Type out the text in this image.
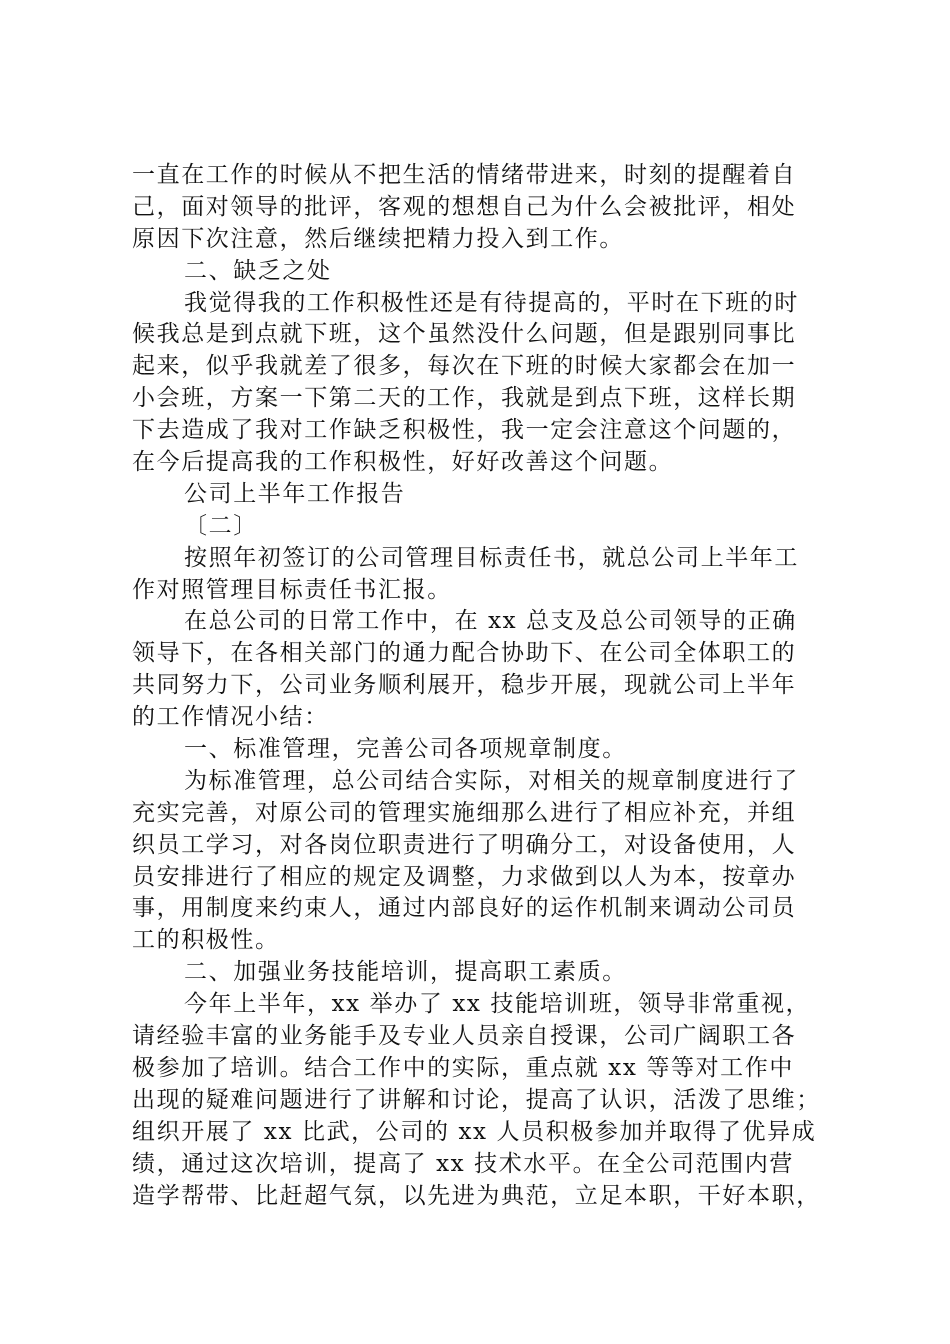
一直在工作的时候从不把生活的情绪带进来，时刻的提醒着自
己，面对领导的批评，客观的想想自己为什么会被批评，相处
原因下次注意，然后继续把精力投入到工作。
二、缺乏之处
我觉得我的工作积极性还是有待提高的，平时在下班的时
候我总是到点就下班，这个虽然没什么问题，但是跟别同事比
起来，似乎我就差了很多，每次在下班的时候大家都会在加一
小会班，方案一下第二天的工作，我就是到点下班，这样长期
下去造成了我对工作缺乏积极性，我一定会注意这个问题的，
在今后提高我的工作积极性，好好改善这个问题。
公司上半年工作报告
〔二〕
按照年初签订的公司管理目标责任书，就总公司上半年工
作对照管理目标责任书汇报。
在总公司的日常工作中，在 xx 总支及总公司领导的正确
领导下，在各相关部门的通力配合协助下、在公司全体职工的
共同努力下，公司业务顺利展开，稳步开展，现就公司上半年
的工作情况小结：
一、标准管理，完善公司各项规章制度。
为标准管理，总公司结合实际，对相关的规章制度进行了
充实完善，对原公司的管理实施细那么进行了相应补充，并组
织员工学习，对各岗位职责进行了明确分工，对设备使用，人
员安排进行了相应的规定及调整，力求做到以人为本，按章办
事，用制度来约束人，通过内部良好的运作机制来调动公司员
工的积极性。
二、加强业务技能培训，提高职工素质。
今年上半年，xx 举办了 xx 技能培训班，领导非常重视，
请经验丰富的业务能手及专业人员亲自授课，公司广阔职工各
极参加了培训。结合工作中的实际，重点就 xx 等等对工作中
出现的疑难问题进行了讲解和讨论，提高了认识，活泼了思维；
组织开展了 xx 比武，公司的 xx 人员积极参加并取得了优异成
绩，通过这次培训，提高了 xx 技术水平。在全公司范围内营
造学帮带、比赶超气氛，以先进为典范，立足本职，干好本职，
